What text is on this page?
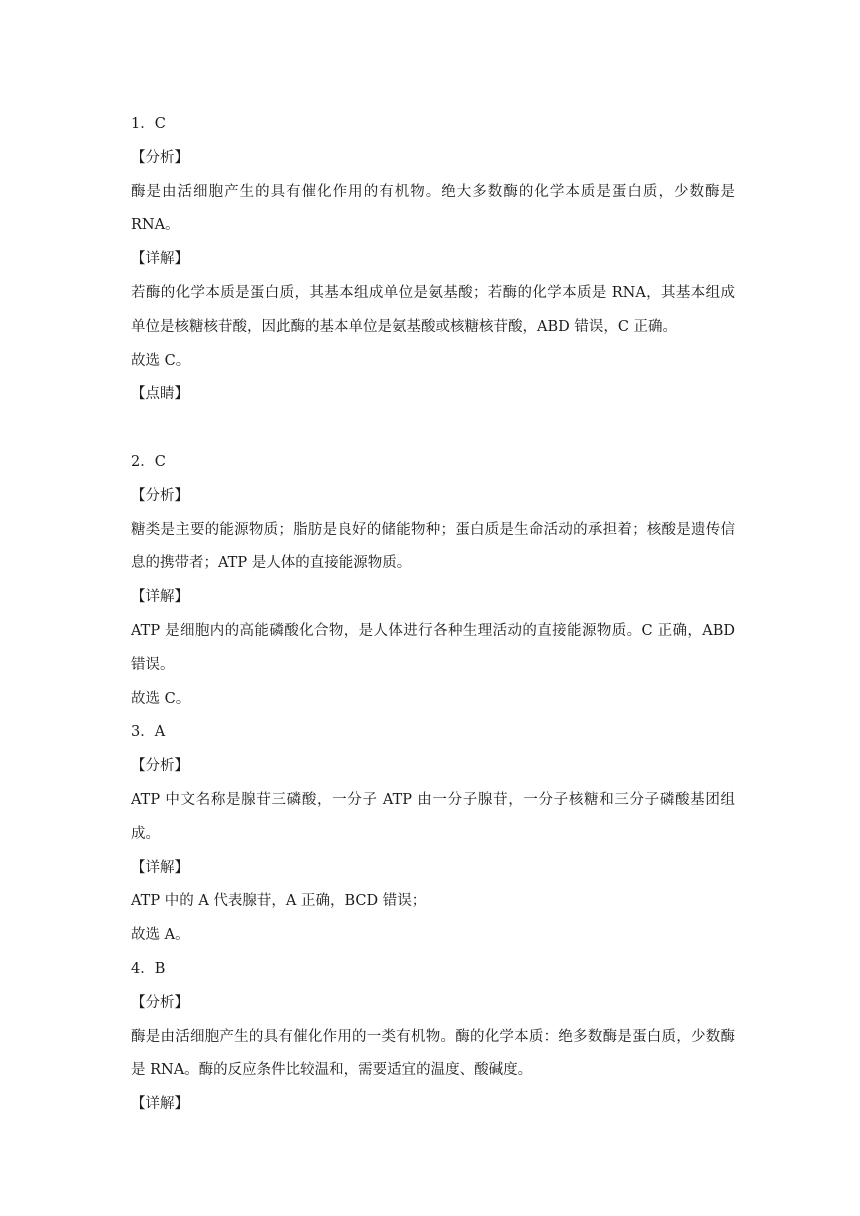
1．C
【分析】
酶是由活细胞产生的具有催化作用的有机物。绝大多数酶的化学本质是蛋白质，少数酶是RNA。
【详解】
若酶的化学本质是蛋白质，其基本组成单位是氨基酸；若酶的化学本质是 RNA，其基本组成单位是核糖核苷酸，因此酶的基本单位是氨基酸或核糖核苷酸，ABD 错误，C 正确。
故选 C。
【点睛】
2．C
【分析】
糖类是主要的能源物质；脂肪是良好的储能物种；蛋白质是生命活动的承担着；核酸是遗传信息的携带者；ATP 是人体的直接能源物质。
【详解】
ATP 是细胞内的高能磷酸化合物，是人体进行各种生理活动的直接能源物质。C 正确，ABD错误。
故选 C。
3．A
【分析】
ATP 中文名称是腺苷三磷酸，一分子 ATP 由一分子腺苷，一分子核糖和三分子磷酸基团组成。
【详解】
ATP 中的 A 代表腺苷，A 正确，BCD 错误；
故选 A。
4．B
【分析】
酶是由活细胞产生的具有催化作用的一类有机物。酶的化学本质：绝多数酶是蛋白质，少数酶是 RNA。酶的反应条件比较温和，需要适宜的温度、酸碱度。
【详解】
